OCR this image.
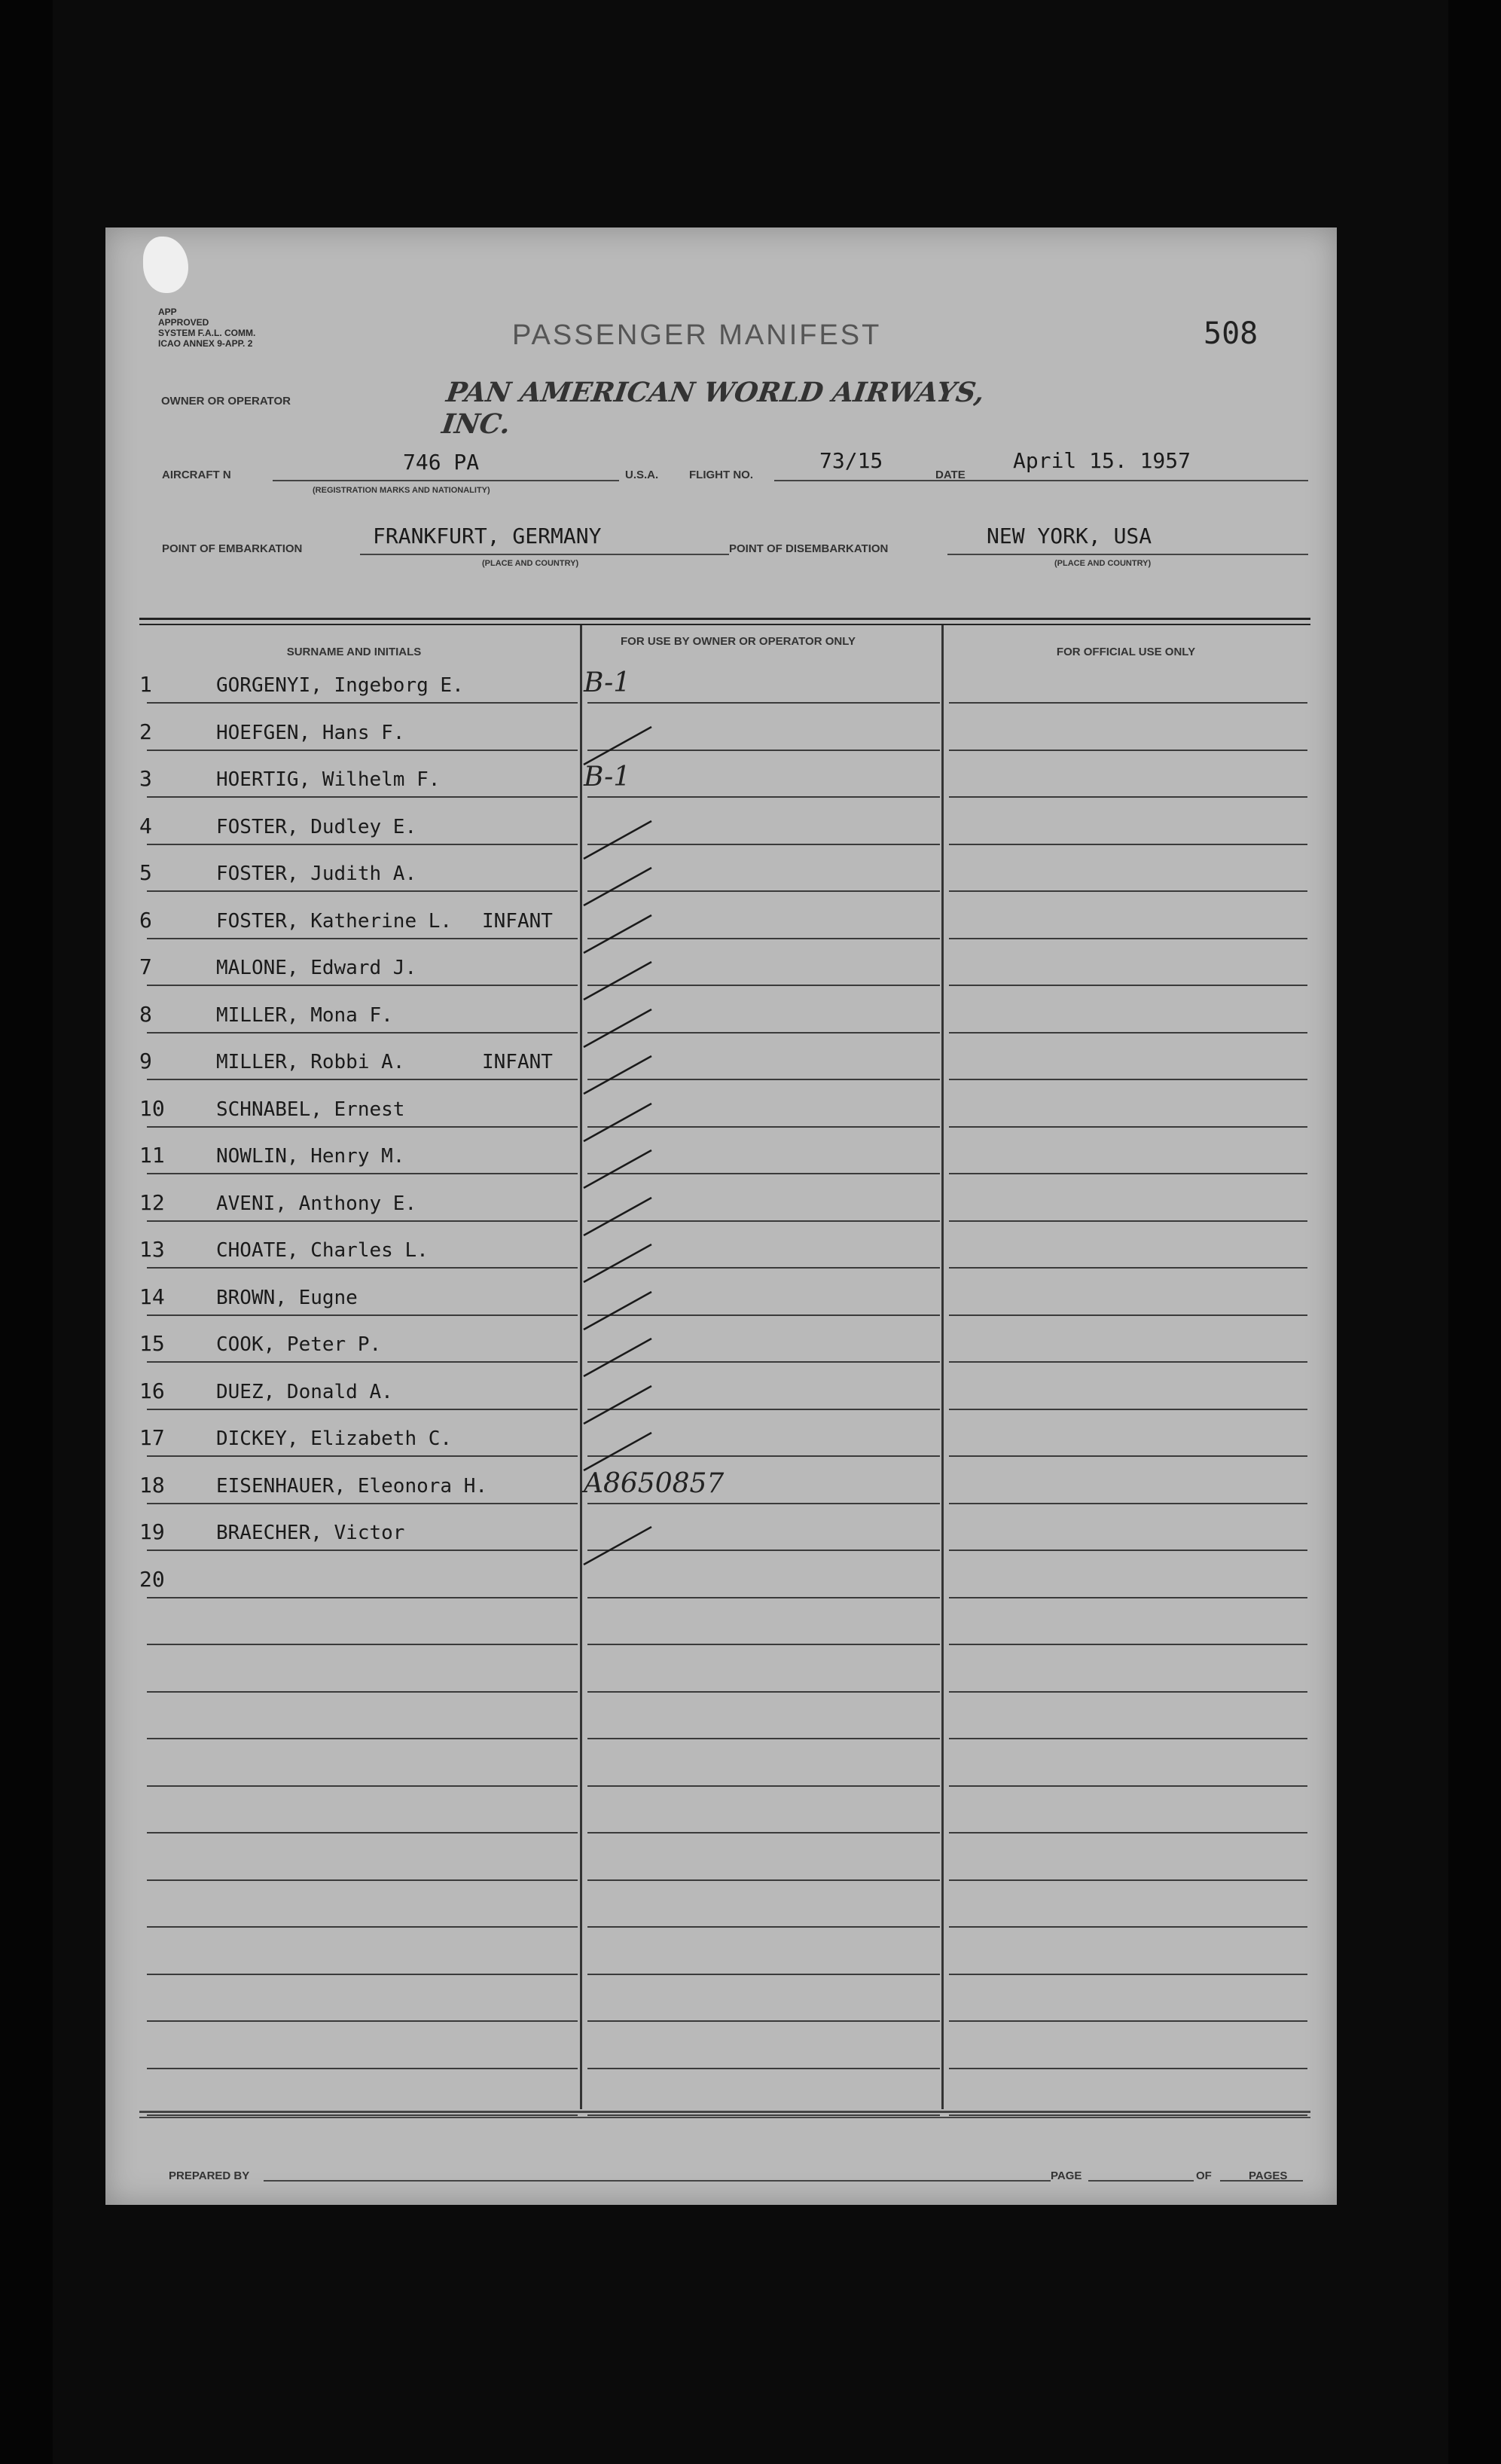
APP
APPROVED
SYSTEM F.A.L. COMM.
ICAO ANNEX 9-APP. 2	PASSENGER MANIFEST	508
OWNER OR OPERATOR	PAN AMERICAN WORLD AIRWAYS, INC.
AIRCRAFT N
746 PA
(REGISTRATION MARKS AND NATIONALITY)
U.S.A.	FLIGHT NO.
73/15
DATE
April 15. 1957
POINT OF EMBARKATION
FRANKFURT, GERMANY
(PLACE AND COUNTRY)
POINT OF DISEMBARKATION
NEW YORK, USA
(PLACE AND COUNTRY)
SURNAME AND INITIALS
FOR USE BY OWNER OR OPERATOR ONLY
FOR OFFICIAL USE ONLY
1	GORGENYI, Ingeborg E.	B-1
2	HOEFGEN, Hans F.
3	HOERTIG, Wilhelm F.	B-1
4	FOSTER, Dudley E.
5	FOSTER, Judith A.
6	FOSTER, Katherine L. INFANT
7	MALONE, Edward J.
8	MILLER, Mona F.
9	MILLER, Robbi A.	INFANT
10	SCHNABEL, Ernest
11	NOWLIN, Henry M.
12	AVENI, Anthony E.
13	CHOATE, Charles L.
14	BROWN, Eugne
15	COOK, Peter P.
16	DUEZ, Donald A.
17	DICKEY, Elizabeth C.
18	EISENHAUER, Eleonora H.	A8650857
19	BRAECHER, Victor
20
PREPARED BY	PAGE	OF	PAGES
